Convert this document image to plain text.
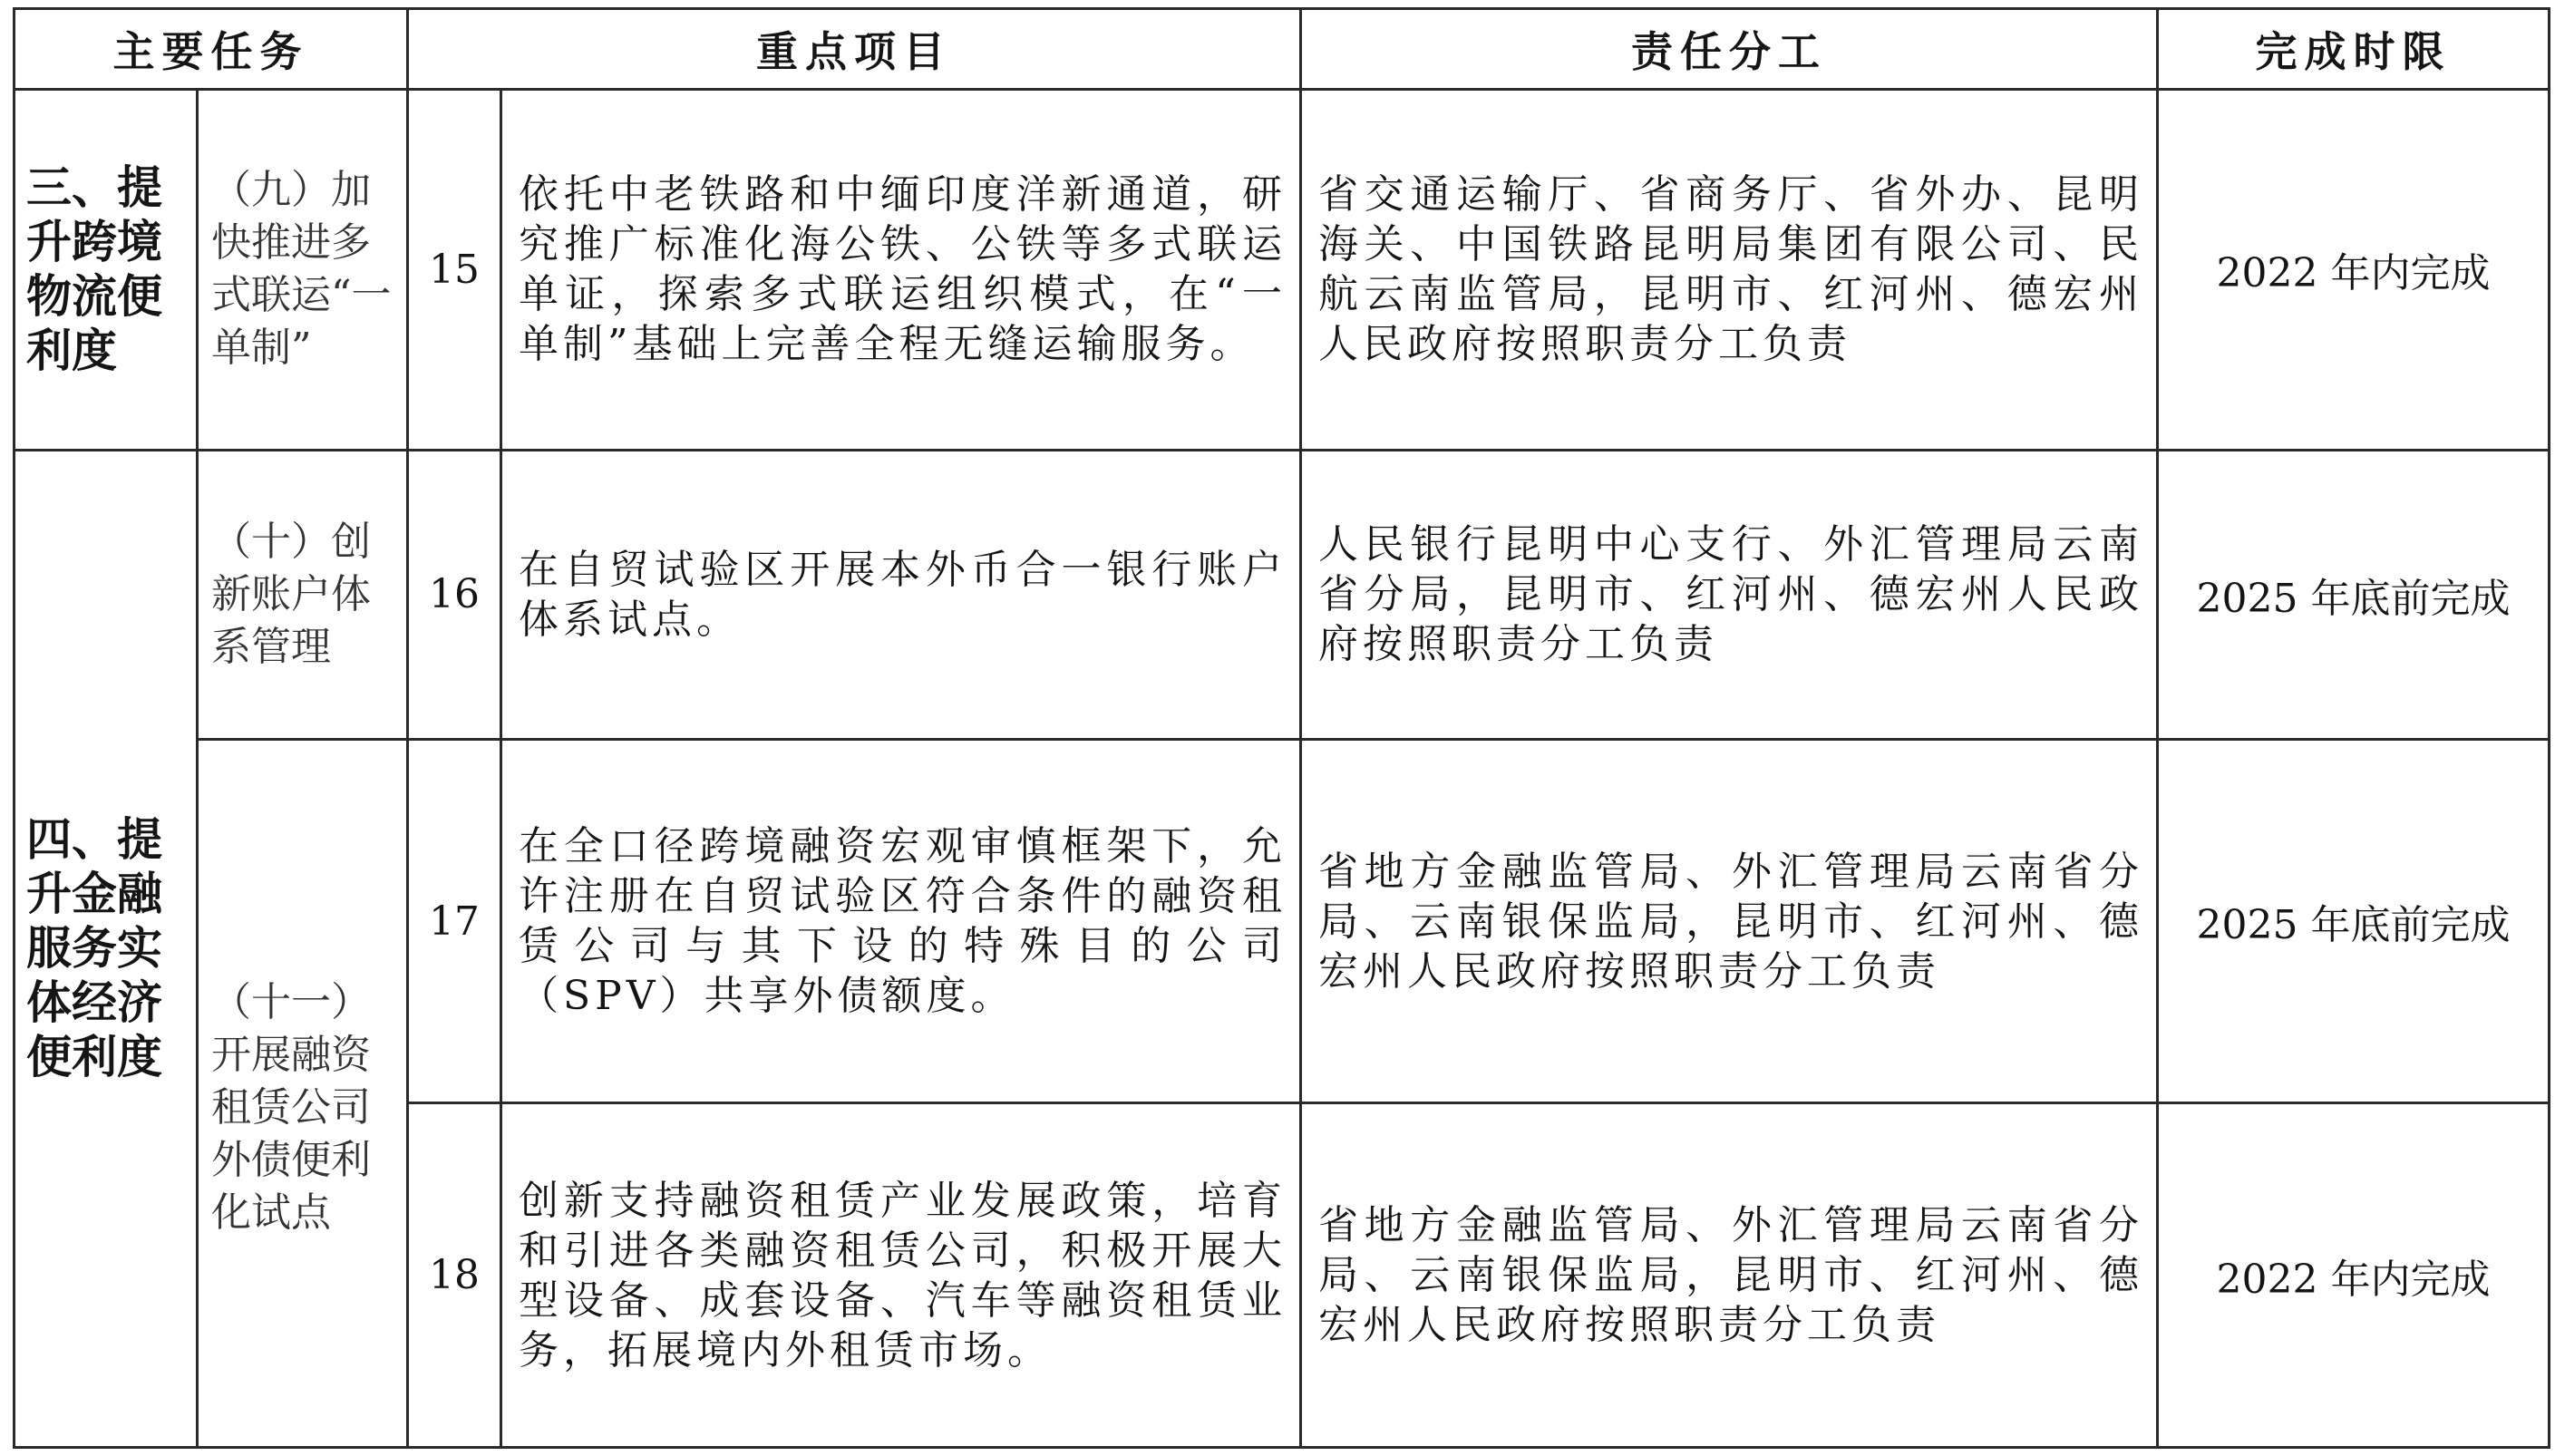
主要任务		重点项目		责任分工	完成时限
三、提升跨境物流便利度	（九）加快推进多式联运“一单制”	15	依托中老铁路和中缅印度洋新通道，研究推广标准化海公铁、公铁等多式联运单证，探索多式联运组织模式，在“一单制”基础上完善全程无缝运输服务。	省交通运输厅、省商务厅、省外办、昆明海关、中国铁路昆明局集团有限公司、民航云南监管局，昆明市、红河州、德宏州人民政府按照职责分工负责	2022 年内完成
四、提升金融服务实体经济便利度	（十）创新账户体系管理	16	在自贸试验区开展本外币合一银行账户体系试点。	人民银行昆明中心支行、外汇管理局云南省分局，昆明市、红河州、德宏州人民政府按照职责分工负责	2025 年底前完成
	（十一）开展融资租赁公司外债便利化试点	17	在全口径跨境融资宏观审慎框架下，允许注册在自贸试验区符合条件的融资租赁公司与其下设的特殊目的公司（SPV）共享外债额度。	省地方金融监管局、外汇管理局云南省分局、云南银保监局，昆明市、红河州、德宏州人民政府按照职责分工负责	2025 年底前完成
		18	创新支持融资租赁产业发展政策，培育和引进各类融资租赁公司，积极开展大型设备、成套设备、汽车等融资租赁业务，拓展境内外租赁市场。	省地方金融监管局、外汇管理局云南省分局、云南银保监局，昆明市、红河州、德宏州人民政府按照职责分工负责	2022 年内完成
